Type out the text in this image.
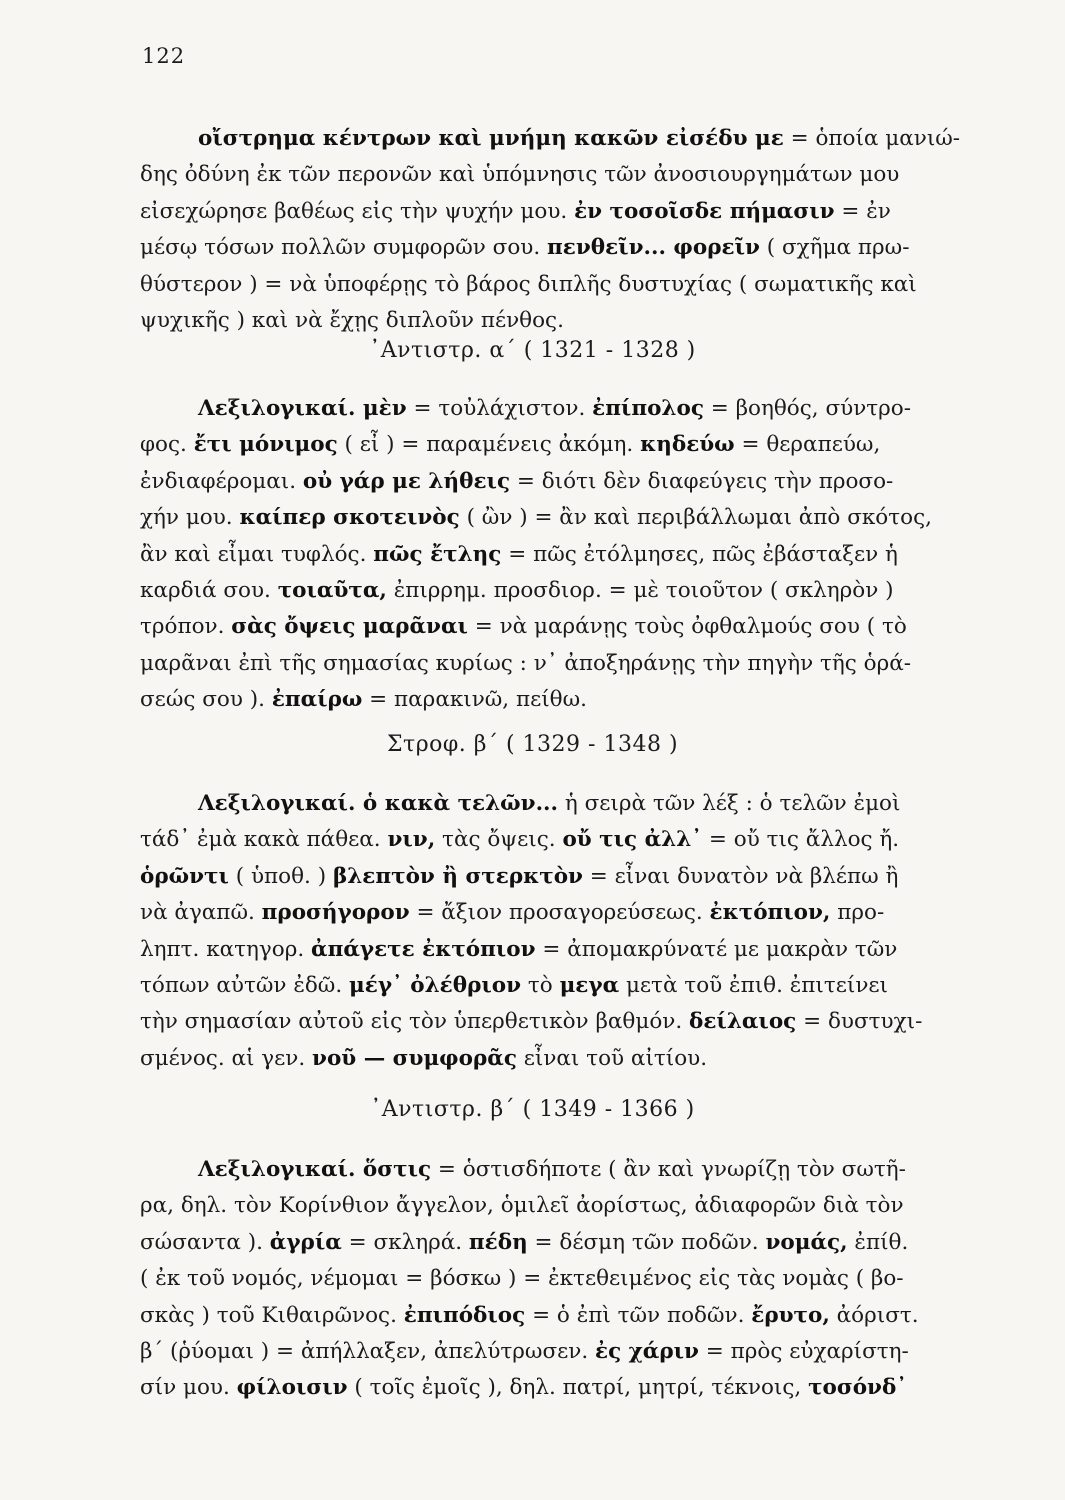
122
οἴστρημα κέντρων καὶ μνήμη κακῶν εἰσέδυ με = ὁποία μανιώ-
δης ὀδύνη ἐκ τῶν περονῶν καὶ ὑπόμνησις τῶν ἀνοσιουργημάτων μου
εἰσεχώρησε βαθέως εἰς τὴν ψυχήν μου. ἐν τοσοῖσδε πήμασιν = ἐν
μέσῳ τόσων πολλῶν συμφορῶν σου. πενθεῖν... φορεῖν ( σχῆμα πρω-
θύστερον ) = νὰ ὑποφέρῃς τὸ βάρος διπλῆς δυστυχίας ( σωματικῆς καὶ
ψυχικῆς ) καὶ νὰ ἔχῃς διπλοῦν πένθος.
᾿Αντιστρ. α΄ ( 1321 - 1328 )
Λεξιλογικαί. μὲν = τοὐλάχιστον. ἐπίπολος = βοηθός, σύντρο-
φος. ἔτι μόνιμος ( εἶ ) = παραμένεις ἀκόμη. κηδεύω = θεραπεύω,
ἐνδιαφέρομαι. οὐ γάρ με λήθεις = διότι δὲν διαφεύγεις τὴν προσο-
χήν μου. καίπερ σκοτεινὸς ( ὢν ) = ἂν καὶ περιβάλλωμαι ἀπὸ σκότος,
ἂν καὶ εἶμαι τυφλός. πῶς ἔτλης = πῶς ἐτόλμησες, πῶς ἐβάσταξεν ἡ
καρδιά σου. τοιαῦτα, ἐπιρρημ. προσδιορ. = μὲ τοιοῦτον ( σκληρὸν )
τρόπον. σὰς ὄψεις μαρᾶναι = νὰ μαράνῃς τοὺς ὀφθαλμούς σου ( τὸ
μαρᾶναι ἐπὶ τῆς σημασίας κυρίως : ν᾿ ἀποξηράνῃς τὴν πηγὴν τῆς ὁρά-
σεώς σου ). ἐπαίρω = παρακινῶ, πείθω.
Στροφ. β΄ ( 1329 - 1348 )
Λεξιλογικαί. ὁ κακὰ τελῶν... ἡ σειρὰ τῶν λέξ : ὁ τελῶν ἐμοὶ
τάδ᾿ ἐμὰ κακὰ πάθεα. νιν, τὰς ὄψεις. οὔ τις ἀλλ᾿ = οὔ τις ἄλλος ἤ.
ὁρῶντι ( ὑποθ. ) βλεπτὸν ἢ στερκτὸν = εἶναι δυνατὸν νὰ βλέπω ἢ
νὰ ἀγαπῶ. προσήγορον = ἄξιον προσαγορεύσεως. ἐκτόπιον, προ-
ληπτ. κατηγορ. ἀπάγετε ἐκτόπιον = ἀπομακρύνατέ με μακρὰν τῶν
τόπων αὐτῶν ἐδῶ. μέγ᾿ ὀλέθριον τὸ μεγα μετὰ τοῦ ἐπιθ. ἐπιτείνει
τὴν σημασίαν αὐτοῦ εἰς τὸν ὑπερθετικὸν βαθμόν. δείλαιος = δυστυχι-
σμένος. αἱ γεν. νοῦ — συμφορᾶς εἶναι τοῦ αἰτίου.
᾿Αντιστρ. β΄ ( 1349 - 1366 )
Λεξιλογικαί. ὅστις = ὁστισδήποτε ( ἂν καὶ γνωρίζῃ τὸν σωτῆ-
ρα, δηλ. τὸν Κορίνθιον ἄγγελον, ὁμιλεῖ ἀορίστως, ἀδιαφορῶν διὰ τὸν
σώσαντα ). ἀγρία = σκληρά. πέδη = δέσμη τῶν ποδῶν. νομάς, ἐπίθ.
( ἐκ τοῦ νομός, νέμομαι = βόσκω ) = ἐκτεθειμένος εἰς τὰς νομὰς ( βο-
σκὰς ) τοῦ Κιθαιρῶνος. ἐπιπόδιος = ὁ ἐπὶ τῶν ποδῶν. ἔρυτο, ἀόριστ.
β΄ (ῥύομαι ) = ἀπήλλαξεν, ἀπελύτρωσεν. ἐς χάριν = πρὸς εὐχαρίστη-
σίν μου. φίλοισιν ( τοῖς ἐμοῖς ), δηλ. πατρί, μητρί, τέκνοις, τοσόνδ᾿
